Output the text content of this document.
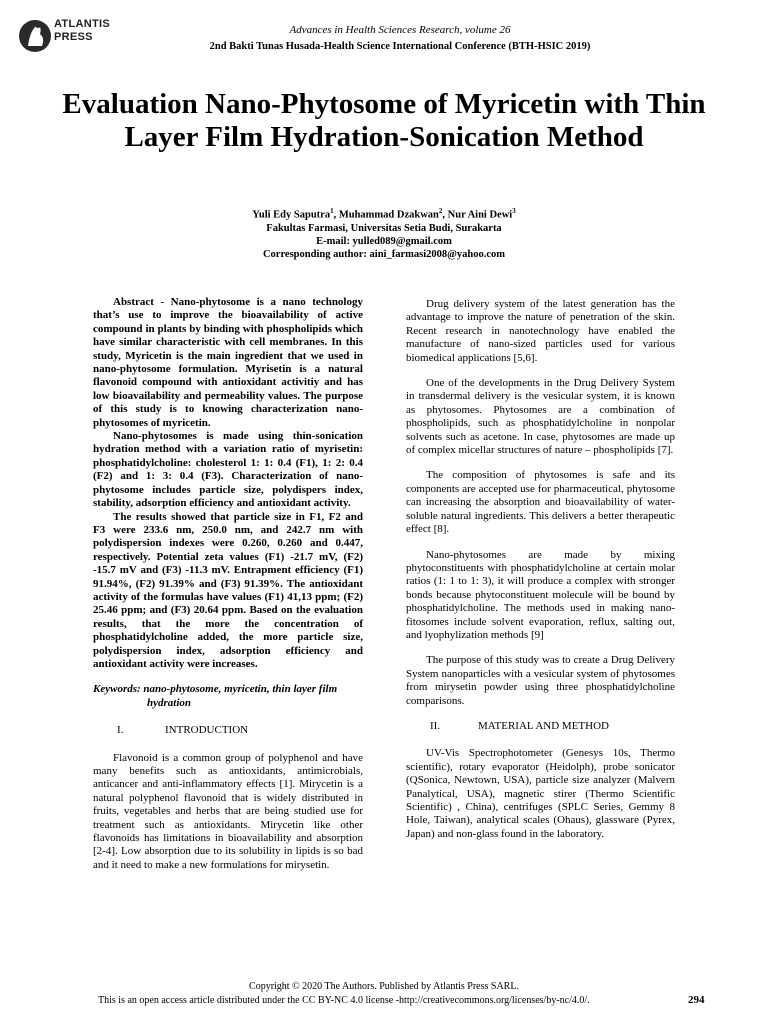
ATLANTIS
PRESS
Advances in Health Sciences Research, volume 26
2nd Bakti Tunas Husada-Health Science International Conference (BTH-HSIC 2019)
Evaluation Nano-Phytosome of Myricetin with Thin Layer Film Hydration-Sonication Method
Yuli Edy Saputra$^1$, Muhammad Dzakwan$^2$, Nur Aini Dewi$^3$
Fakultas Farmasi, Universitas Setia Budi, Surakarta
E-mail: yulled089@gmail.com
Corresponding author: aini_farmasi2008@yahoo.com

Abstract - Nano-phytosome is a nano technology that’s use to improve the bioavailability of active compound in plants by binding with phospholipids which have similar characteristic with cell membranes. In this study, Myricetin is the main ingredient that we used in nano-phytosome formulation. Myrisetin is a natural flavonoid compound with antioxidant activitiy and has low bioavailability and permeability values. The purpose of this study is to knowing characterization nano-phytosomes of myricetin.

Nano-phytosomes is made using thin-sonication hydration method with a variation ratio of myrisetin: phosphatidylcholine: cholesterol 1: 1: 0.4 (F1), 1: 2: 0.4 (F2) and 1: 3: 0.4 (F3). Characterization of nano-phytosome includes particle size, polydispers index, stability, adsorption efficiency and antioxidant activity.

The results showed that particle size in F1, F2 and F3 were 233.6 nm, 250.0 nm, and 242.7 nm with polydispersion indexes were 0.260, 0.260 and 0.447, respectively. Potential zeta values (F1) -21.7 mV, (F2) -15.7 mV and (F3) -11.3 mV. Entrapment efficiency (F1) 91.94%, (F2) 91.39% and (F3) 91.39%. The antioxidant activity of the formulas have values (F1) 41,13 ppm; (F2) 25.46 ppm; and (F3) 20.64 ppm. Based on the evaluation results, that the more the concentration of phosphatidylcholine added, the more particle size, polydispersion index, adsorption efficiency and antioxidant activity were increases.

Keywords: nano-phytosome, myricetin, thin layer film
hydration

I.	INTRODUCTION

Flavonoid is a common group of polyphenol and have many benefits such as antioxidants, antimicrobials, anticancer and anti-inflammatory effects [1]. Mirycetin is a natural polyphenol flavonoid that is widely distributed in fruits, vegetables and herbs that are being studied use for treatment such as antioxidants. Mirycetin like other flavonoids has limitations in bioavailability and absorption [2-4]. Low absorption due to its solubility in lipids is so bad and it need to make a new formulations for mirysetin.

Drug delivery system of the latest generation has the advantage to improve the nature of penetration of the skin. Recent research in nanotechnology have enabled the manufacture of nano-sized particles used for various biomedical applications [5,6].

One of the developments in the Drug Delivery System in transdermal delivery is the vesicular system, it is known as phytosomes. Phytosomes are a combination of phospholipids, such as phosphatidylcholine in nonpolar solvents such as acetone. In case, phytosomes are made up of complex micellar structures of nature – phospholipids [7].

The composition of phytosomes is safe and its components are accepted use for pharmaceutical, phytosome can increasing the absorption and bioavailability of water-soluble natural ingredients. This delivers a better therapeutic effect [8].

Nano-phytosomes are made by mixing phytoconstituents with phosphatidylcholine at certain molar ratios (1: 1 to 1: 3), it will produce a complex with stronger bonds because phytoconstituent molecule will be bound by phosphatidylcholine. The methods used in making nano-fitosomes include solvent evaporation, reflux, salting out, and lyophylization methods [9]

The purpose of this study was to create a Drug Delivery System nanoparticles with a vesicular system of phytosomes from mirysetin powder using three phosphatidylcholine comparisons.

II.	MATERIAL AND METHOD

UV-Vis Spectrophotometer (Genesys 10s, Thermo scientific), rotary evaporator (Heidolph), probe sonicator (QSonica, Newtown, USA), particle size analyzer (Malvern Panalytical, USA), magnetic stirer (Thermo Scientific Scientific) , China), centrifuges (SPLC Series, Gemmy 8 Hole, Taiwan), analytical scales (Ohaus), glassware (Pyrex, Japan) and non-glass found in the laboratory.

Copyright © 2020 The Authors. Published by Atlantis Press SARL.
This is an open access article distributed under the CC BY-NC 4.0 license -http://creativecommons.org/licenses/by-nc/4.0/.	294
